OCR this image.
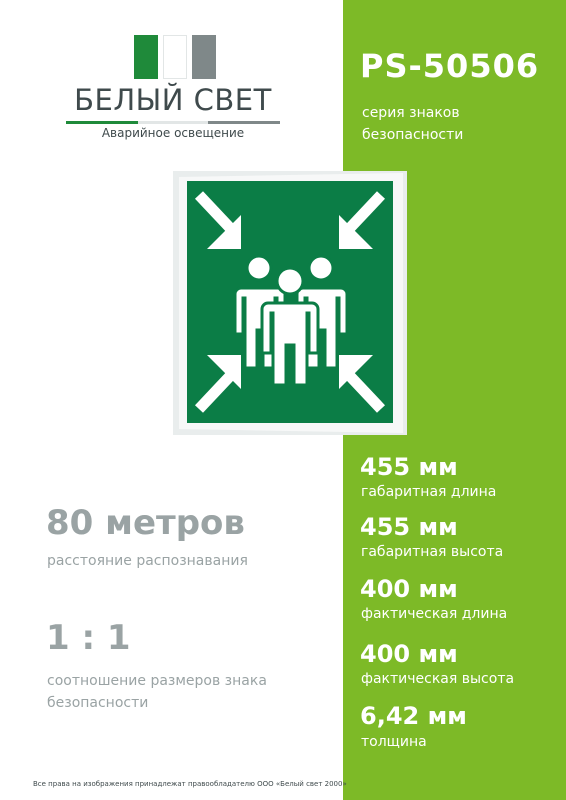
БЕЛЫЙ СВЕТ
Аварийное освещение
PS-50506
серия знаков
безопасности
80 метров
расстояние распознавания
1 : 1
соотношение размеров знака
безопасности
455 мм
габаритная длина
455 мм
габаритная высота
400 мм
фактическая длина
400 мм
фактическая высота
6,42 мм
толщина
Все права на изображения принадлежат правообладателю ООО «Белый свет 2000»
